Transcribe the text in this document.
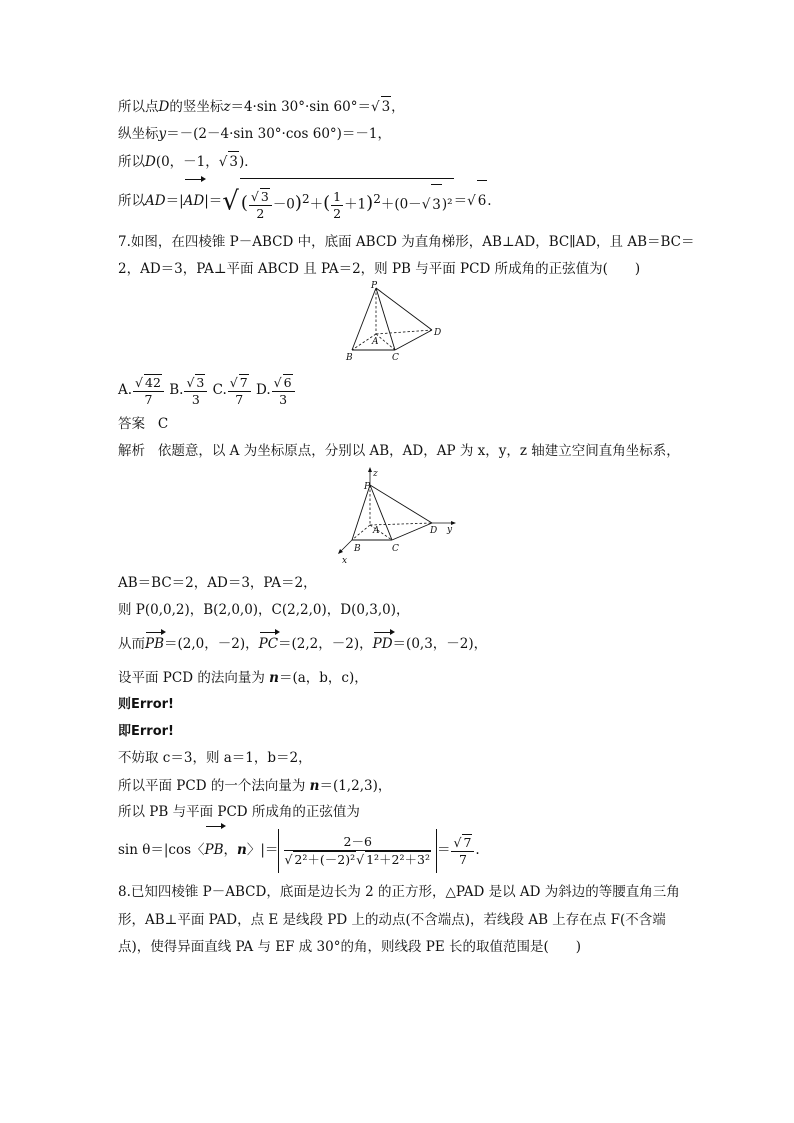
所以点D的竖坐标z＝4·sin 30°·sin 60°＝√ 3，
纵坐标y＝－(2－4·sin 30°·cos 60°)＝－1，
所以D(0，－1，√ 3)．
所以AD＝|AD|＝√ ( $\frac{√ 3}{2} -0)^2+( \frac{1}{2} +1)^2+(0-√$ 3)²＝√ 6.
7.如图，在四棱锥 P－ABCD 中，底面 ABCD 为直角梯形，AB⊥AD，BC∥AD，且 AB＝BC＝
2，AD＝3，PA⊥平面 ABCD 且 PA＝2，则 PB 与平面 PCD 所成角的正弦值为(　　)
P
A
B	C
D
A. $\frac{√ 42}{7} B$. $\frac{√ 3}{3} C$. $\frac{√ 7}{7} D$. $\frac{√ 6}{3}$
答案 C
解析 依题意，以 A 为坐标原点，分别以 AB，AD，AP 为 x，y，z 轴建立空间直角坐标系，
z
P
A
B	C
D y
x
AB＝BC＝2，AD＝3，PA＝2，
则 P(0,0,2)，B(2,0,0)，C(2,2,0)，D(0,3,0)，
从而PB＝(2,0，－2)，PC＝(2,2，－2)，PD＝(0,3，－2)，
设平面 PCD 的法向量为 n＝(a，b，c)，
则Error!
即Error!
不妨取 c＝3，则 a＝1，b＝2，
所以平面 PCD 的一个法向量为 n＝(1,2,3)，
所以 PB 与平面 PCD 所成角的正弦值为
sin θ＝|cos〈PB，n〉|＝ $\frac{2-6}{\text{√ 2²＋(－2)²√ 1²＋2²＋3²}} = \frac{√ 7}{7}$ .
8.已知四棱锥 P－ABCD，底面是边长为 2 的正方形，△PAD 是以 AD 为斜边的等腰直角三角
形，AB⊥平面 PAD，点 E 是线段 PD 上的动点(不含端点)，若线段 AB 上存在点 F(不含端
点)，使得异面直线 PA 与 EF 成 30°的角，则线段 PE 长的取值范围是(　　)
